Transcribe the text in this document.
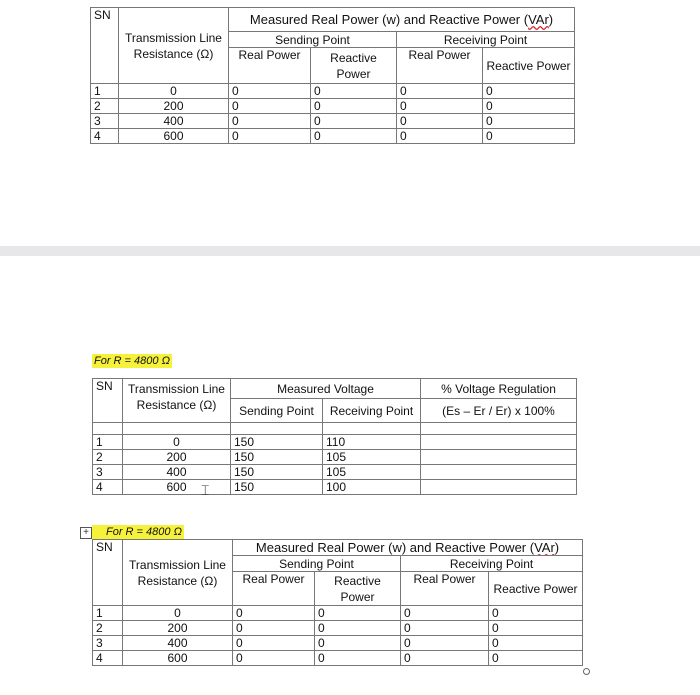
SN	Transmission Line Resistance (Ω)	Measured Real Power (w) and Reactive Power (VAr)			
		Sending Point		Receiving Point	
		Real Power	Reactive Power	Real Power	Reactive Power
1	0	0	0	0	0
2	200	0	0	0	0
3	400	0	0	0	0
4	600	0	0	0	0
For R = 4800 Ω
SN	Transmission Line Resistance (Ω)	Measured Voltage		% Voltage Regulation
		Sending Point	Receiving Point	(Es – Er / Er) x 100%

1	0	150	110	
2	200	150	105	
3	400	150	105	
4	600	150	100	
⌶
+	For R = 4800 Ω
SN	Transmission Line Resistance (Ω)	Measured Real Power (w) and Reactive Power (VAr)			
		Sending Point		Receiving Point	
		Real Power	Reactive Power	Real Power	Reactive Power
1	0	0	0	0	0
2	200	0	0	0	0
3	400	0	0	0	0
4	600	0	0	0	0
